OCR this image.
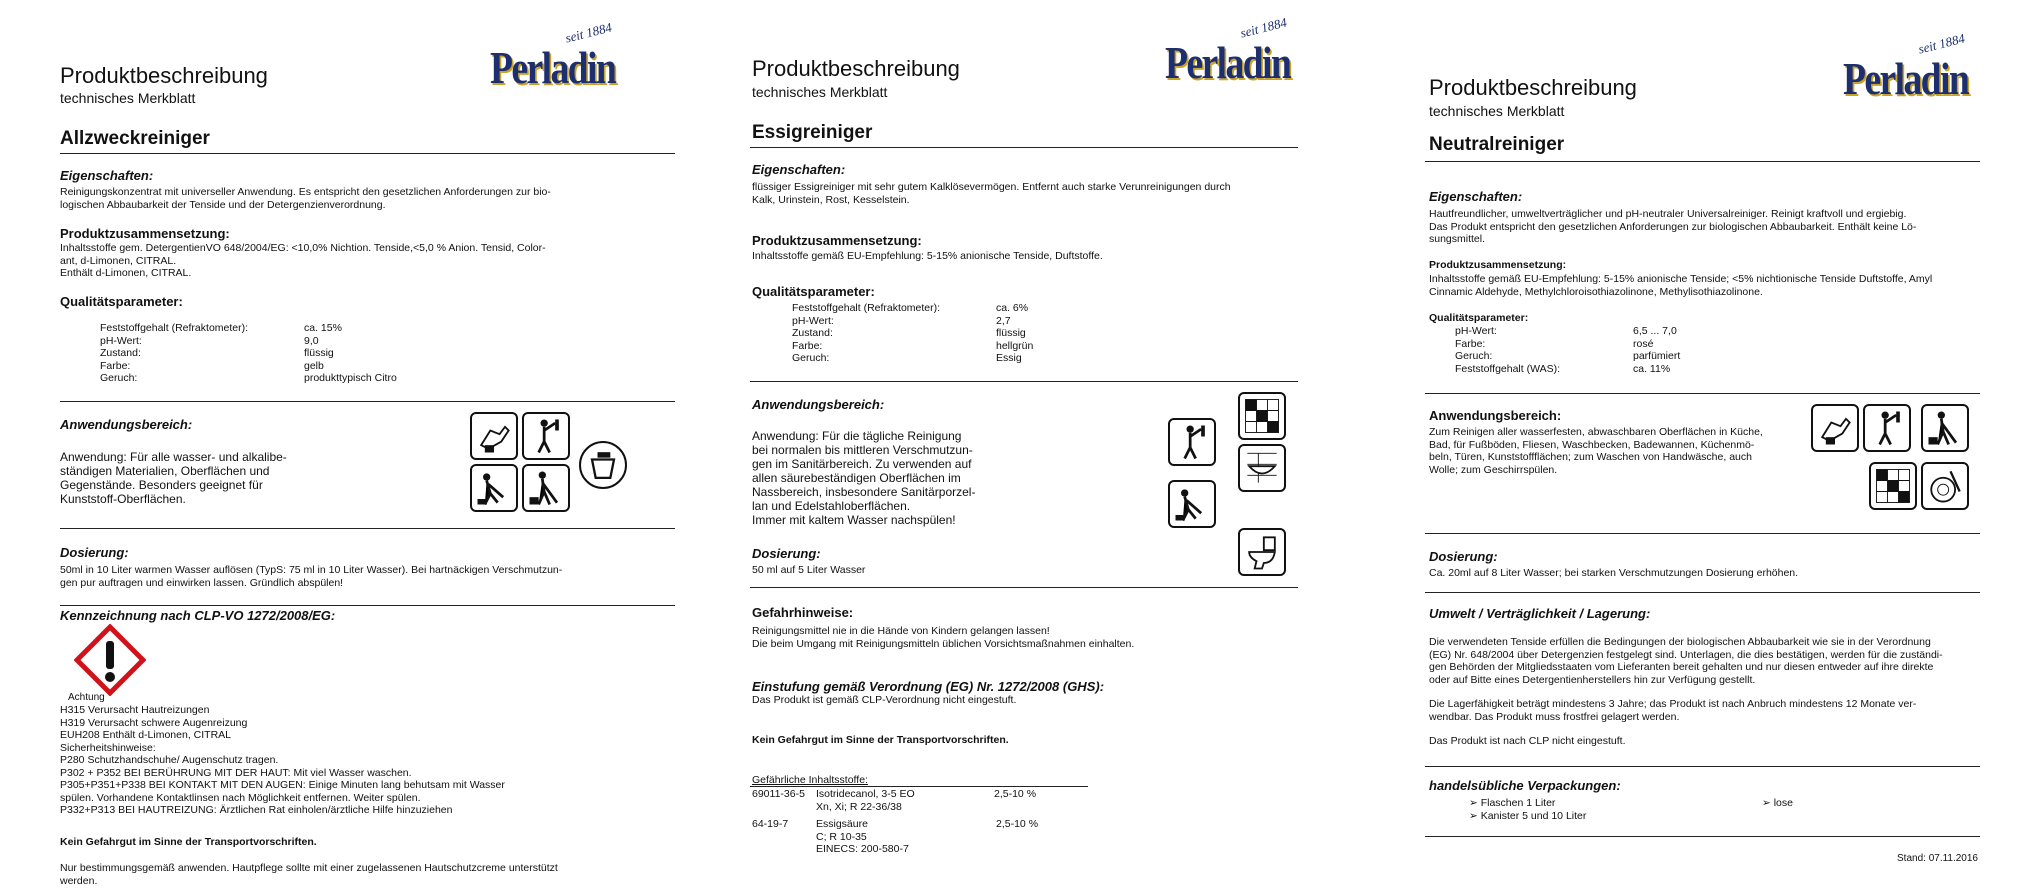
Perladin
seit 1884
Produktbeschreibung
technisches Merkblatt
Allzweckreiniger
Eigenschaften:

Reinigungskonzentrat mit universeller Anwendung. Es entspricht den gesetzlichen Anforderungen zur bio-

logischen Abbaubarkeit der Tenside und der Detergenzienverordnung.

Produktzusammensetzung:

Inhaltsstoffe gem. DetergentienVO 648/2004/EG: <10,0% Nichtion. Tenside,<5,0 % Anion. Tensid, Color-

ant, d-Limonen, CITRAL.

Enthält d-Limonen, CITRAL.

Qualitätsparameter:
Feststoffgehalt (Refraktometer):	ca. 15%
pH-Wert:	9,0
Zustand:	flüssig
Farbe:	gelb
Geruch:	produkttypisch Citro
Anwendungsbereich:

Anwendung: Für alle wasser- und alkalibe-

ständigen Materialien, Oberflächen und

Gegenstände. Besonders geeignet für

Kunststoff-Oberflächen.

Dosierung:

50ml in 10 Liter warmen Wasser auflösen (TypS: 75 ml in 10 Liter Wasser). Bei hartnäckigen Verschmutzun-

gen pur auftragen und einwirken lassen. Gründlich abspülen!

Kennzeichnung nach CLP-VO 1272/2008/EG:
Achtung

H315 Verursacht Hautreizungen

H319 Verursacht schwere Augenreizung

EUH208 Enthält d-Limonen, CITRAL

Sicherheitshinweise:

P280 Schutzhandschuhe/ Augenschutz tragen.

P302 + P352 BEI BERÜHRUNG MIT DER HAUT: Mit viel Wasser waschen.

P305+P351+P338 BEI KONTAKT MIT DEN AUGEN: Einige Minuten lang behutsam mit Wasser

spülen. Vorhandene Kontaktlinsen nach Möglichkeit entfernen. Weiter spülen.

P332+P313 BEI HAUTREIZUNG: Ärztlichen Rat einholen/ärztliche Hilfe hinzuziehen

Kein Gefahrgut im Sinne der Transportvorschriften.

Nur bestimmungsgemäß anwenden. Hautpflege sollte mit einer zugelassenen Hautschutzcreme unterstützt

werden.

Perladin
seit 1884
Produktbeschreibung
technisches Merkblatt
Essigreiniger
Eigenschaften:

flüssiger Essigreiniger mit sehr gutem Kalklösevermögen. Entfernt auch starke Verunreinigungen durch

Kalk, Urinstein, Rost, Kesselstein.

Produktzusammensetzung:

Inhaltsstoffe gemäß EU-Empfehlung: 5-15% anionische Tenside, Duftstoffe.

Qualitätsparameter:
Feststoffgehalt (Refraktometer):	ca. 6%
pH-Wert:	2,7
Zustand:	flüssig
Farbe:	hellgrün
Geruch:	Essig
Anwendungsbereich:

Anwendung: Für die tägliche Reinigung

bei normalen bis mittleren Verschmutzun-

gen im Sanitärbereich. Zu verwenden auf

allen säurebeständigen Oberflächen im

Nassbereich, insbesondere Sanitärporzel-

lan und Edelstahloberflächen.

Immer mit kaltem Wasser nachspülen!

Dosierung:

50 ml auf 5 Liter Wasser

Gefahrhinweise:

Reinigungsmittel nie in die Hände von Kindern gelangen lassen!

Die beim Umgang mit Reinigungsmitteln üblichen Vorsichtsmaßnahmen einhalten.

Einstufung gemäß Verordnung (EG) Nr. 1272/2008 (GHS):

Das Produkt ist gemäß CLP-Verordnung nicht eingestuft.

Kein Gefahrgut im Sinne der Transportvorschriften.
Gefährliche Inhaltsstoffe:
69011-36-5 Isotridecanol, 3-5 EO	2,5-10 %
Xn, Xi; R 22-36/38
64-19-7	Essigsäure	2,5-10 %
C; R 10-35
EINECS: 200-580-7
Perladin
seit 1884
Produktbeschreibung
technisches Merkblatt
Neutralreiniger
Eigenschaften:

Hautfreundlicher, umweltverträglicher und pH-neutraler Universalreiniger. Reinigt kraftvoll und ergiebig.

Das Produkt entspricht den gesetzlichen Anforderungen zur biologischen Abbaubarkeit. Enthält keine Lö-

sungsmittel.

Produktzusammensetzung:

Inhaltsstoffe gemäß EU-Empfehlung: 5-15% anionische Tenside; <5% nichtionische Tenside Duftstoffe, Amyl

Cinnamic Aldehyde, Methylchloroisothiazolinone, Methylisothiazolinone.

Qualitätsparameter:
pH-Wert:	6,5 ... 7,0
Farbe:	rosé
Geruch:	parfümiert
Feststoffgehalt (WAS):	ca. 11%
Anwendungsbereich:

Zum Reinigen aller wasserfesten, abwaschbaren Oberflächen in Küche,

Bad, für Fußböden, Fliesen, Waschbecken, Badewannen, Küchenmö-

beln, Türen, Kunststoffflächen; zum Waschen von Handwäsche, auch

Wolle; zum Geschirrspülen.

Dosierung:

Ca. 20ml auf 8 Liter Wasser; bei starken Verschmutzungen Dosierung erhöhen.

Umwelt / Verträglichkeit / Lagerung:

Die verwendeten Tenside erfüllen die Bedingungen der biologischen Abbaubarkeit wie sie in der Verordnung

(EG) Nr. 648/2004 über Detergenzien festgelegt sind. Unterlagen, die dies bestätigen, werden für die zuständi-

gen Behörden der Mitgliedsstaaten vom Lieferanten bereit gehalten und nur diesen entweder auf ihre direkte

oder auf Bitte eines Detergentienherstellers hin zur Verfügung gestellt.

Die Lagerfähigkeit beträgt mindestens 3 Jahre; das Produkt ist nach Anbruch mindestens 12 Monate ver-

wendbar. Das Produkt muss frostfrei gelagert werden.

Das Produkt ist nach CLP nicht eingestuft.

handelsübliche Verpackungen:
➢ Flaschen 1 Liter
➢ Kanister 5 und 10 Liter
➢ lose
Stand: 07.11.2016
